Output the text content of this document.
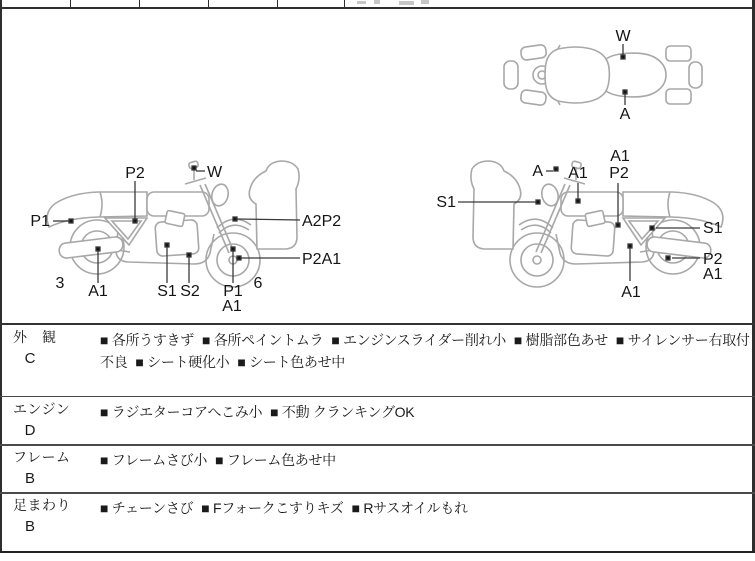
P2	W
P1	A2P2
P2A1
3 A1	S1 S2 P1
A1
6
A A1
A1
P2
S1
S1
P2
A1
A1
W
A
外　観
C
■ 各所うすきず ■ 各所ペイントムラ ■ エンジンスライダー削れ小 ■ 樹脂部色あせ ■ サイレンサー右取付不良 ■ シート硬化小 ■ シート色あせ中
エンジン
D
■ ラジエターコアへこみ小 ■ 不動 クランキングOK
フレーム
B
■ フレームさび小 ■ フレーム色あせ中
足まわり
B
■ チェーンさび ■ Fフォークこすりキズ ■ Rサスオイルもれ
